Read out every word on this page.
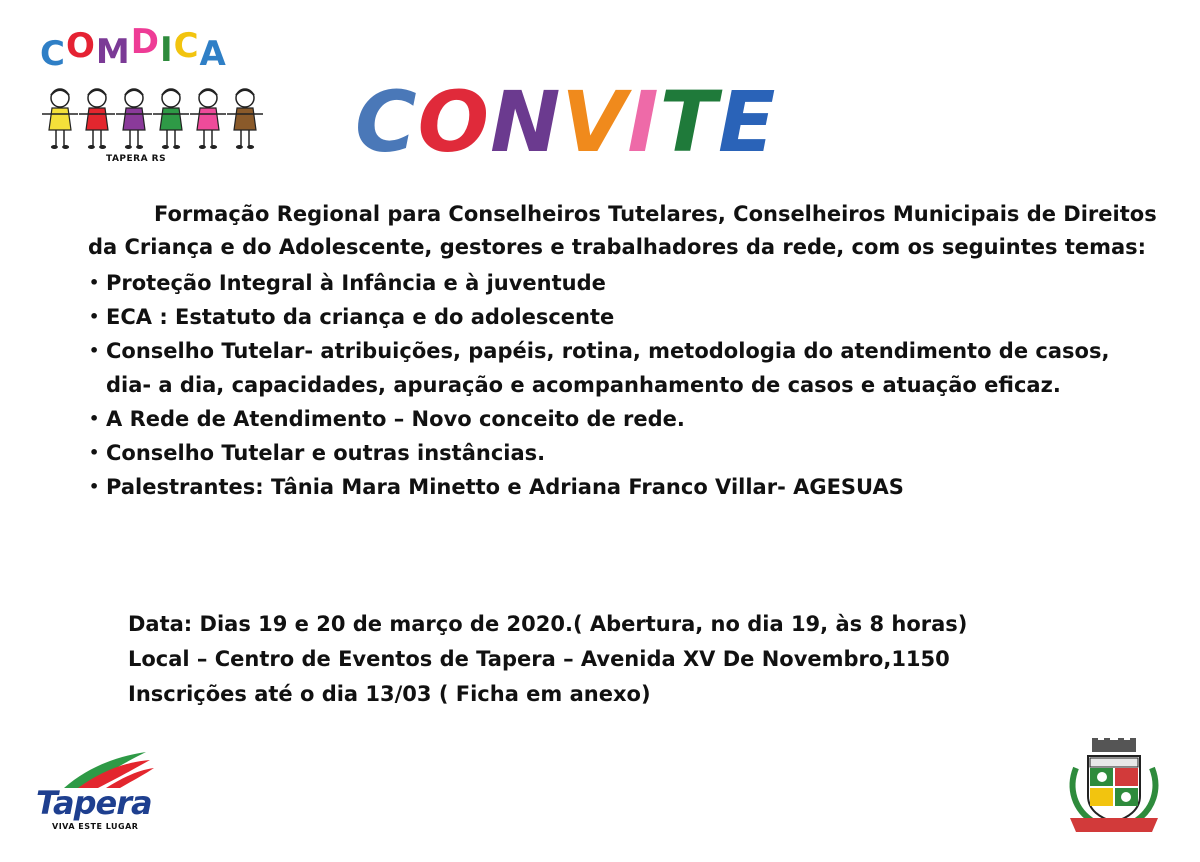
COMDICA
TAPERA RS CONVITE

Formação Regional para Conselheiros Tutelares, Conselheiros Municipais de Direitos da Criança e do Adolescente, gestores e trabalhadores da rede, com os seguintes temas:

• Proteção Integral à Infância e à juventude
• ECA : Estatuto da criança e do adolescente
• Conselho Tutelar- atribuições, papéis, rotina, metodologia do atendimento de casos, dia- a dia, capacidades, apuração e acompanhamento de casos e atuação eficaz.
• A Rede de Atendimento – Novo conceito de rede.
• Conselho Tutelar e outras instâncias.
• Palestrantes: Tânia Mara Minetto e Adriana Franco Villar- AGESUAS
Data: Dias 19 e 20 de março de 2020.( Abertura, no dia 19, às 8 horas)
Local – Centro de Eventos de Tapera – Avenida XV De Novembro,1150
Inscrições até o dia 13/03 ( Ficha em anexo)
Tapera
VIVA ESTE LUGAR
